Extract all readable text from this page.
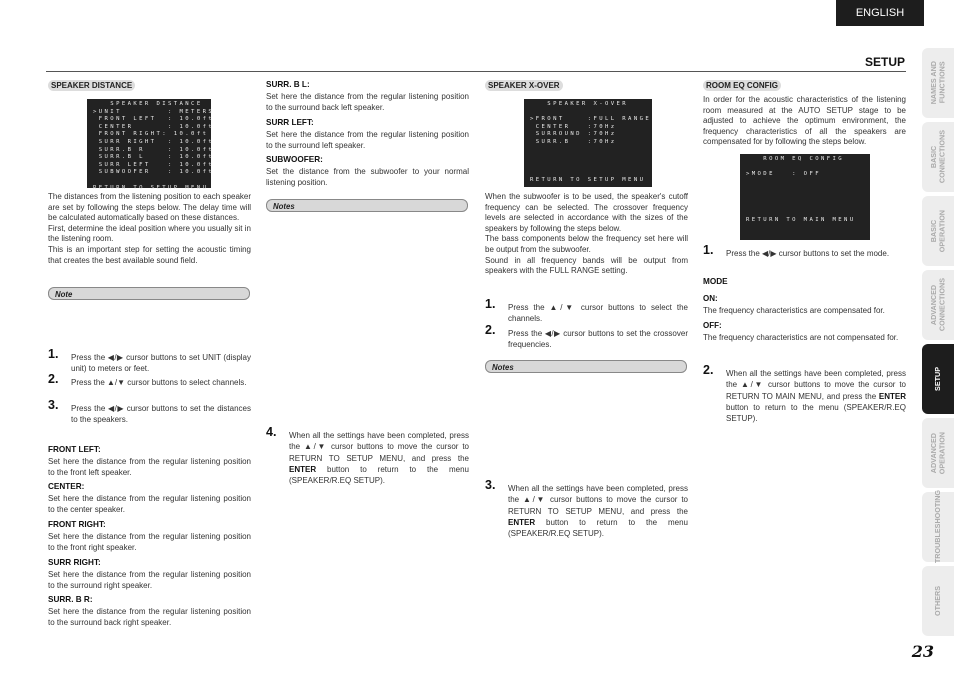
ENGLISH
SETUP
SPEAKER DISTANCE
SPEAKER DISTANCE
>UNIT        : METERS
FRONT LEFT  : 10.0ft
CENTER      : 10.0ft
FRONT RIGHT: 10.0ft
SURR RIGHT  : 10.0ft
SURR.B R    : 10.0ft
SURR.B L    : 10.0ft
SURR LEFT   : 10.0ft
SUBWOOFER   : 10.0ft

RETURN TO SETUP MENU
The distances from the listening position to each speaker are set by following the steps below. The delay time will be calculated automatically based on these distances.
First, determine the ideal position where you usually sit in the listening room.
This is an important step for setting the acoustic timing that creates the best available sound field.
Note
1. Press the ◀/▶ cursor buttons to set UNIT (display unit) to meters or feet.
2. Press the ▲/▼ cursor buttons to select channels.
3. Press the ◀/▶ cursor buttons to set the distances to the speakers.
FRONT LEFT:
Set here the distance from the regular listening position to the front left speaker.
CENTER:
Set here the distance from the regular listening position to the center speaker.
FRONT RIGHT:
Set here the distance from the regular listening position to the front right speaker.
SURR RIGHT:
Set here the distance from the regular listening position to the surround right speaker.
SURR. B R:
Set here the distance from the regular listening position to the surround back right speaker.
SURR. B L:
Set here the distance from the regular listening position to the surround back left speaker.
SURR LEFT:
Set here the distance from the regular listening position to the surround left speaker.
SUBWOOFER:
Set the distance from the subwoofer to your normal listening position.
Notes
4. When all the settings have been completed, press the ▲/▼ cursor buttons to move the cursor to RETURN TO SETUP MENU, and press the ENTER button to return to the menu (SPEAKER/R.EQ SETUP).
SPEAKER X-OVER
SPEAKER X-OVER

>FRONT    :FULL RANGE
CENTER   :70Hz
SURROUND :70Hz
SURR.B   :70Hz

RETURN TO SETUP MENU
When the subwoofer is to be used, the speaker's cutoff frequency can be selected. The crossover frequency levels are selected in accordance with the sizes of the speakers by following the steps below.
The bass components below the frequency set here will be output from the subwoofer.
Sound in all frequency bands will be output from speakers with the FULL RANGE setting.
1. Press the ▲/▼ cursor buttons to select the channels.
2. Press the ◀/▶ cursor buttons to set the crossover frequencies.
Notes
3. When all the settings have been completed, press the ▲/▼ cursor buttons to move the cursor to RETURN TO SETUP MENU, and press the ENTER button to return to the menu (SPEAKER/R.EQ SETUP).
ROOM EQ CONFIG
In order for the acoustic characteristics of the listening room measured at the AUTO SETUP stage to be adjusted to achieve the optimum environment, the frequency characteristics of all the speakers are compensated for by following the steps below.
ROOM EQ CONFIG

>MODE   : OFF

RETURN TO MAIN MENU
1. Press the ◀/▶ cursor buttons to set the mode.
MODE
ON:
The frequency characteristics are compensated for.
OFF:
The frequency characteristics are not compensated for.
2. When all the settings have been completed, press the ▲/▼ cursor buttons to move the cursor to RETURN TO MAIN MENU, and press the ENTER button to return to the menu (SPEAKER/R.EQ SETUP).
NAMES AND
FUNCTIONS
BASIC
CONNECTIONS
BASIC
OPERATION
ADVANCED
CONNECTIONS
SETUP
ADVANCED
OPERATION
TROUBLESHOOTING
OTHERS
23
